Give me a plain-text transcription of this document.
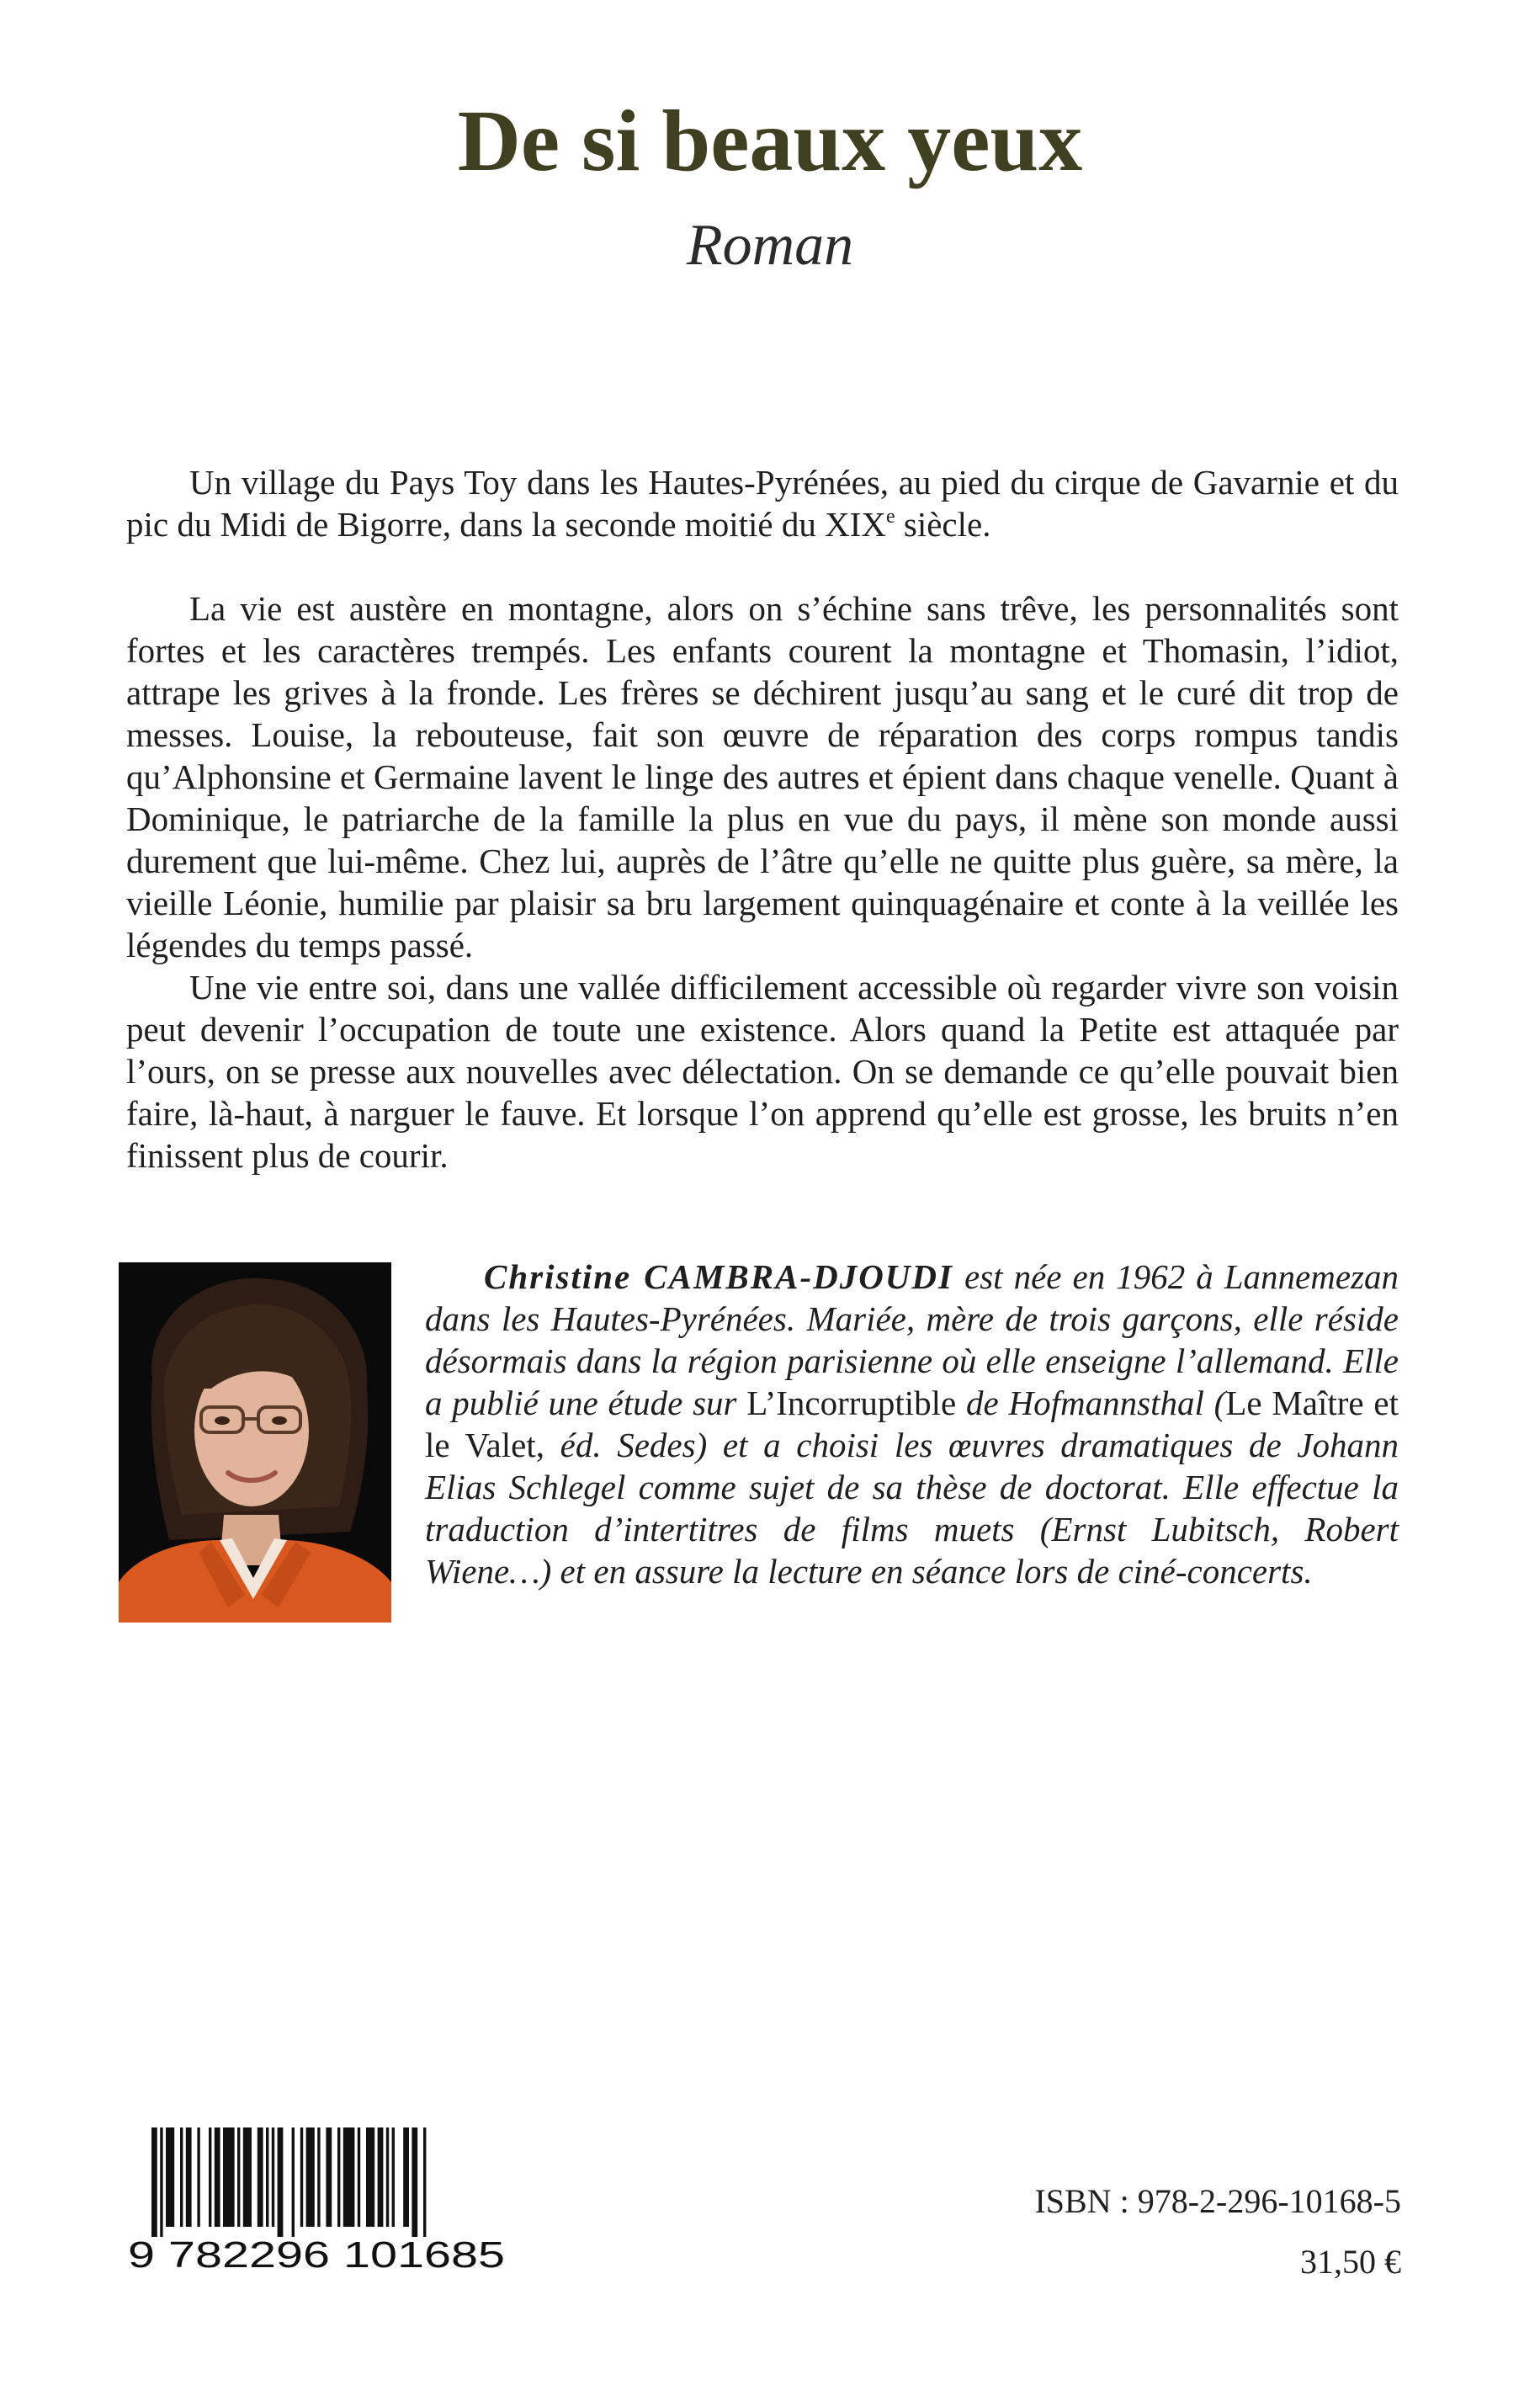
De si beaux yeux
Roman

Un village du Pays Toy dans les Hautes-Pyrénées, au pied du cirque de Gavarnie et du pic du Midi de Bigorre, dans la seconde moitié du XIXe siècle.

La vie est austère en montagne, alors on s’échine sans trêve, les personnalités sont fortes et les caractères trempés. Les enfants courent la montagne et Thomasin, l’idiot, attrape les grives à la fronde. Les frères se déchirent jusqu’au sang et le curé dit trop de messes. Louise, la rebouteuse, fait son œuvre de réparation des corps rompus tandis qu’Alphonsine et Germaine lavent le linge des autres et épient dans chaque venelle. Quant à Dominique, le patriarche de la famille la plus en vue du pays, il mène son monde aussi durement que lui-même. Chez lui, auprès de l’âtre qu’elle ne quitte plus guère, sa mère, la vieille Léonie, humilie par plaisir sa bru largement quinquagénaire et conte à la veillée les légendes du temps passé.

Une vie entre soi, dans une vallée difficilement accessible où regarder vivre son voisin peut devenir l’occupation de toute une existence. Alors quand la Petite est attaquée par l’ours, on se presse aux nouvelles avec délectation. On se demande ce qu’elle pouvait bien faire, là-haut, à narguer le fauve. Et lorsque l’on apprend qu’elle est grosse, les bruits n’en finissent plus de courir.

Christine CAMBRA-DJOUDI est née en 1962 à Lannemezan dans les Hautes-Pyrénées. Mariée, mère de trois garçons, elle réside désormais dans la région parisienne où elle enseigne l’allemand. Elle a publié une étude sur L’Incorruptible de Hofmannsthal (Le Maître et le Valet, éd. Sedes) et a choisi les œuvres dramatiques de Johann Elias Schlegel comme sujet de sa thèse de doctorat. Elle effectue la traduction d’intertitres de films muets (Ernst Lubitsch, Robert Wiene…) et en assure la lecture en séance lors de ciné-concerts.

9 782296 101685
ISBN : 978-2-296-10168-5
31,50 €
